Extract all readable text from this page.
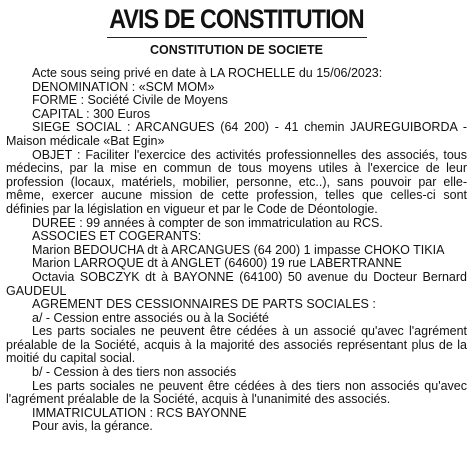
AVIS DE CONSTITUTION
CONSTITUTION DE SOCIETE

Acte sous seing privé en date à LA ROCHELLE du 15/06/2023:

DENOMINATION : «SCM MOM»

FORME : Société Civile de Moyens

CAPITAL : 300 Euros

SIEGE SOCIAL : ARCANGUES (64 200) - 41 chemin JAUREGUIBORDA - Maison médicale «Bat Egin»

OBJET : Faciliter l'exercice des activités professionnelles des associés, tous médecins, par la mise en commun de tous moyens utiles à l'exercice de leur profession (locaux, matériels, mobilier, personne, etc..), sans pouvoir par elle-même, exercer aucune mission de cette profession, telles que celles-ci sont définies par la législation en vigueur et par le Code de Déontologie.

DUREE : 99 années à compter de son immatriculation au RCS.

ASSOCIES ET COGERANTS:

Marion BEDOUCHA dt à ARCANGUES (64 200) 1 impasse CHOKO TIKIA

Marion LARROQUE dt à ANGLET (64600) 19 rue LABERTRANNE

Octavia SOBCZYK dt à BAYONNE (64100) 50 avenue du Docteur Bernard GAUDEUL

AGREMENT DES CESSIONNAIRES DE PARTS SOCIALES :

a/ - Cession entre associés ou à la Société

Les parts sociales ne peuvent être cédées à un associé qu'avec l'agrément préalable de la Société, acquis à la majorité des associés représentant plus de la moitié du capital social.

b/ - Cession à des tiers non associés

Les parts sociales ne peuvent être cédées à des tiers non associés qu'avec l'agrément préalable de la Société, acquis à l'unanimité des associés.

IMMATRICULATION : RCS BAYONNE

Pour avis, la gérance.
